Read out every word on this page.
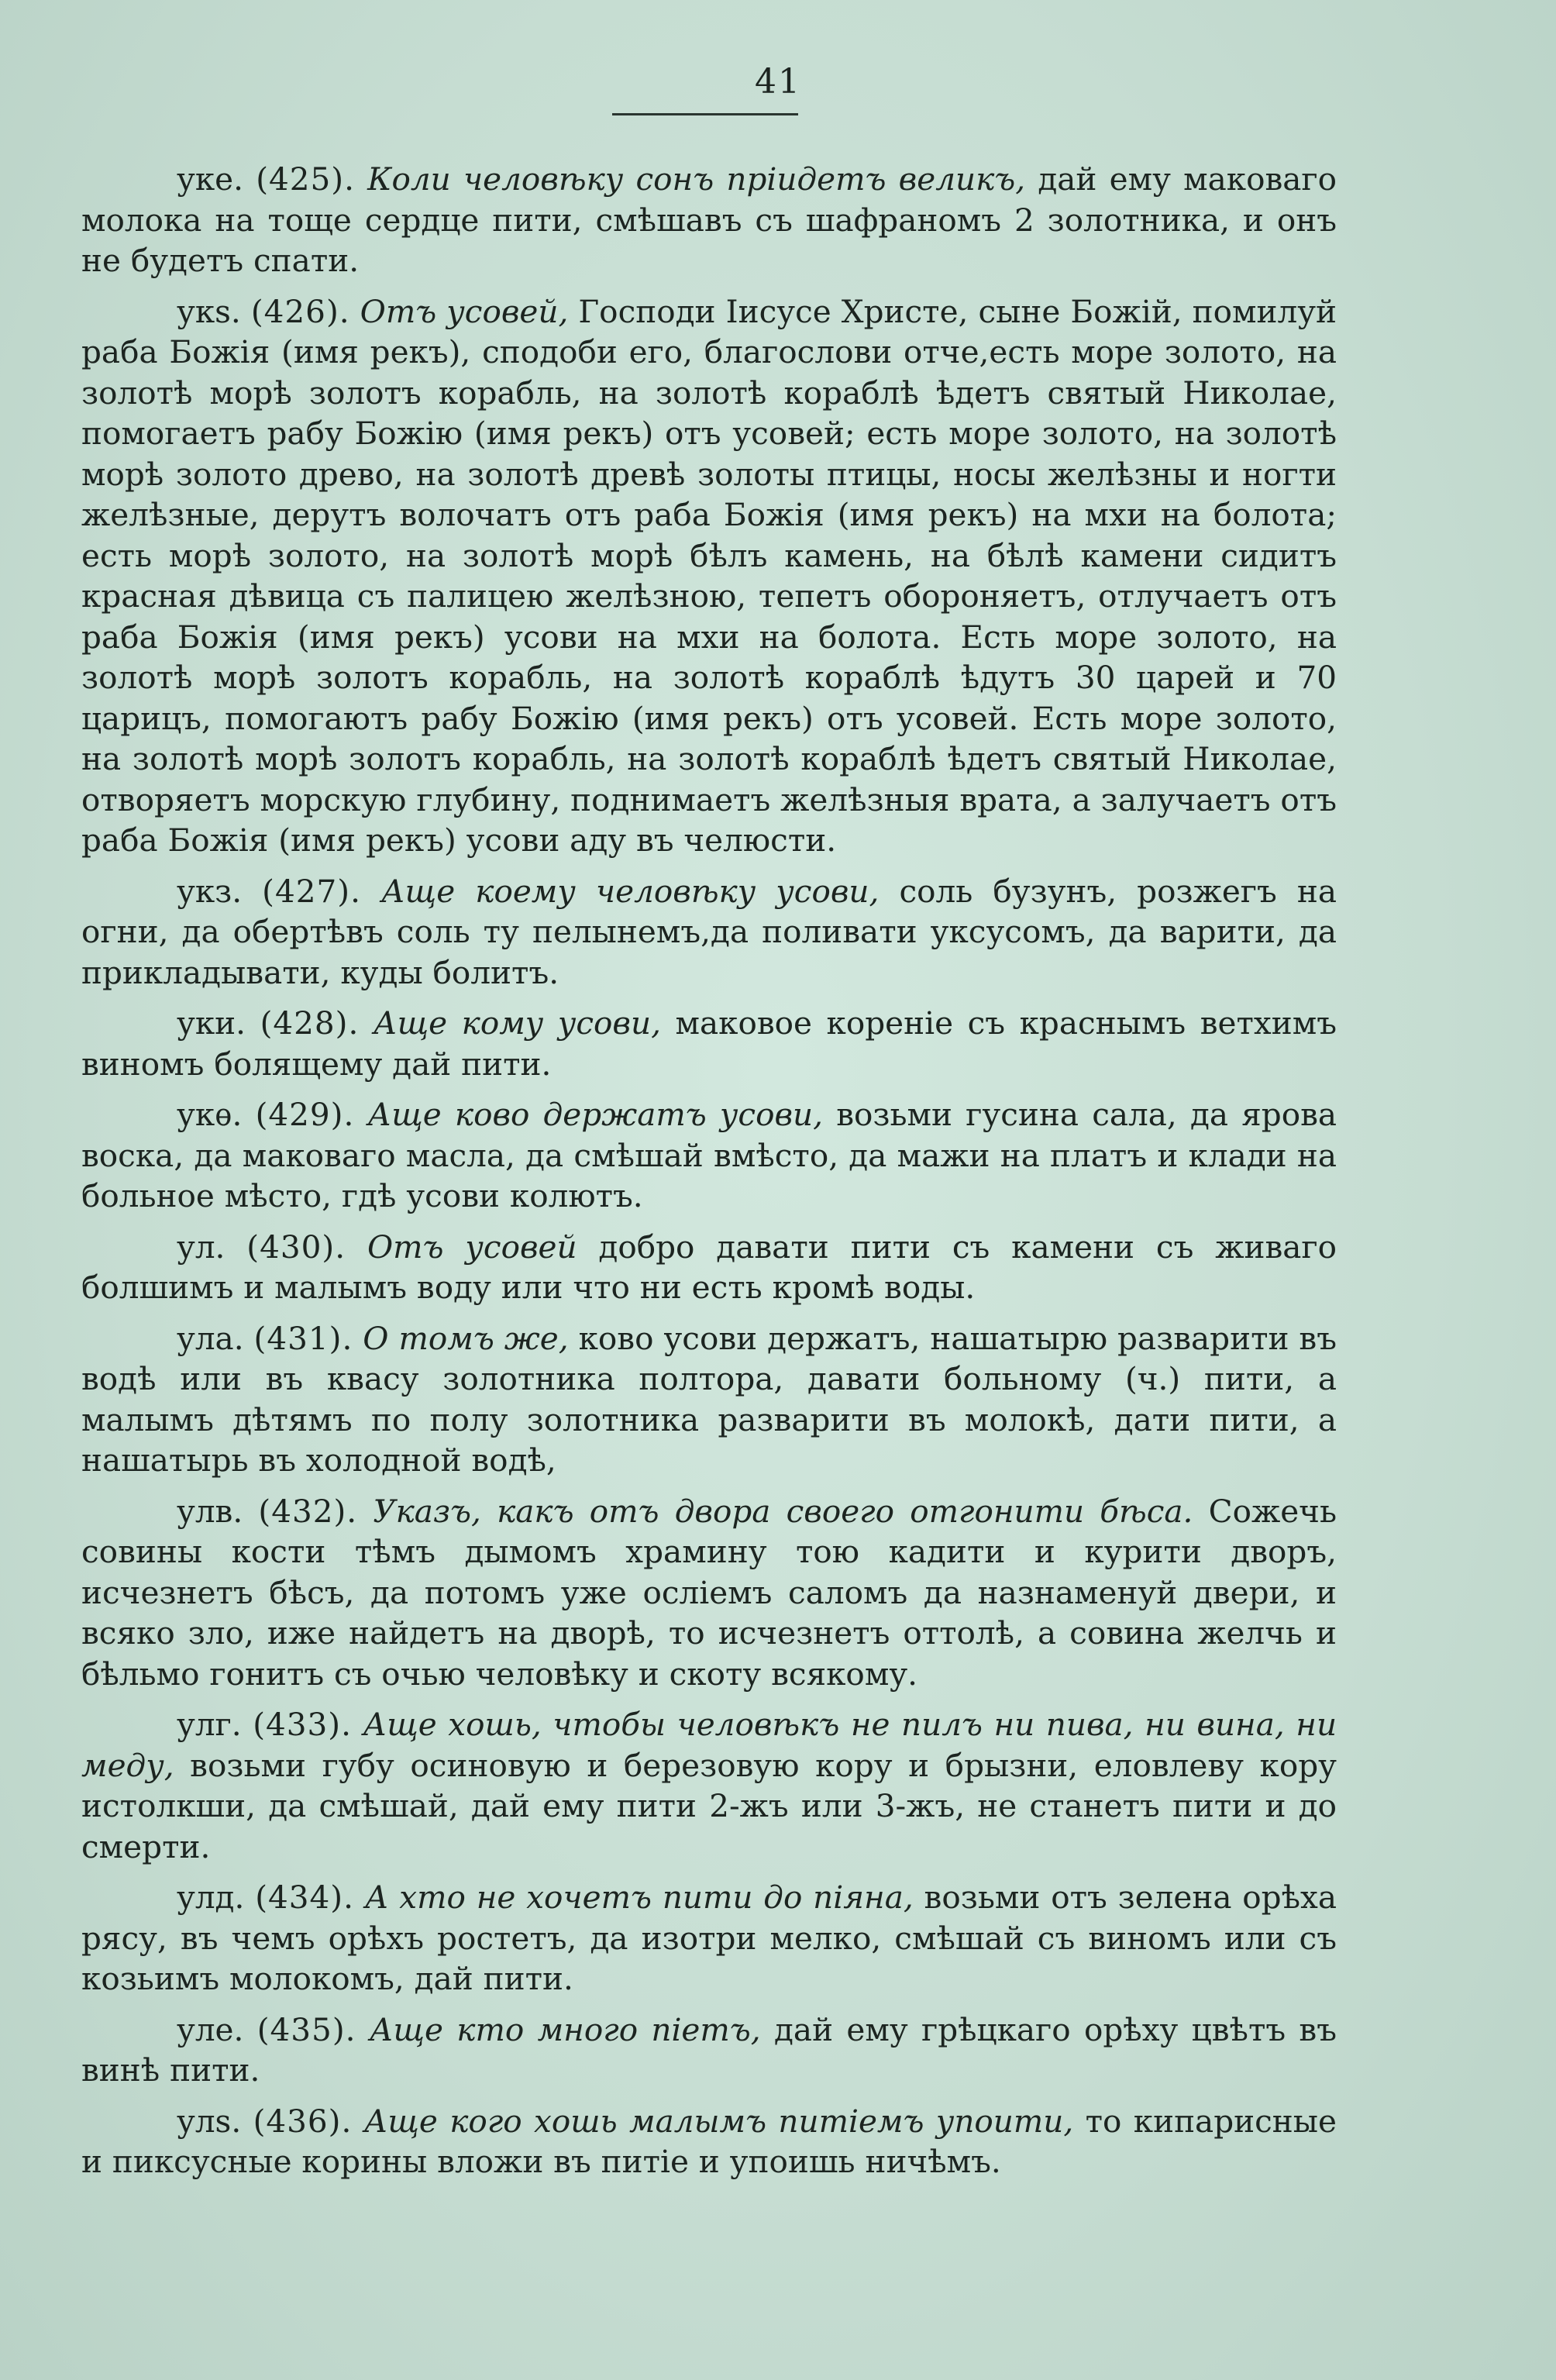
41

уке. (425). Коли человѣку сонъ пріидетъ великъ, дай ему маковаго молока на тоще сердце пити, смѣшавъ съ шафраномъ 2 золотника, и онъ не будетъ спати.

укѕ. (426). Отъ усовей, Господи Іисусе Христе, сыне Божій, помилуй раба Божія (имя рекъ), сподоби его, благослови отче,есть море золото, на золотѣ морѣ золотъ корабль, на золотѣ кораблѣ ѣдетъ святый Николае, помогаетъ рабу Божію (имя рекъ) отъ усовей; есть море золото, на золотѣ морѣ золото древо, на золотѣ древѣ золоты птицы, носы желѣзны и ногти желѣзные, дерутъ волочатъ отъ раба Божія (имя рекъ) на мхи на болота; есть морѣ золото, на золотѣ морѣ бѣлъ камень, на бѣлѣ камени сидитъ красная дѣвица съ палицею желѣзною, тепетъ обороняетъ, отлучаетъ отъ раба Божія (имя рекъ) усови на мхи на болота. Есть море золото, на золотѣ морѣ золотъ корабль, на золотѣ кораблѣ ѣдутъ 30 царей и 70 царицъ, помогаютъ рабу Божію (имя рекъ) отъ усовей. Есть море золото, на золотѣ морѣ золотъ корабль, на золотѣ кораблѣ ѣдетъ святый Николае, отворяетъ морскую глубину, поднимаетъ желѣзныя врата, а залучаетъ отъ раба Божія (имя рекъ) усови аду въ челюсти.

укз. (427). Аще коему человѣку усови, соль бузунъ, розжегъ на огни, да обертѣвъ соль ту пелынемъ,да поливати уксусомъ, да варити, да прикладывати, куды болитъ.

уки. (428). Аще кому усови, маковое кореніе съ краснымъ ветхимъ виномъ болящему дай пити.

укѳ. (429). Аще ково держатъ усови, возьми гусина сала, да ярова воска, да маковаго масла, да смѣшай вмѣсто, да мажи на платъ и клади на больное мѣсто, гдѣ усови колютъ.

ул. (430). Отъ усовей добро давати пити съ камени съ живаго болшимъ и малымъ воду или что ни есть кромѣ воды.

ула. (431). О томъ же, ково усови держатъ, нашатырю разварити въ водѣ или въ квасу золотника полтора, давати больному (ч.) пити, а малымъ дѣтямъ по полу золотника разварити въ молокѣ, дати пити, а нашатырь въ холодной водѣ,

улв. (432). Указъ, какъ отъ двора своего отгонити бѣса. Сожечь совины кости тѣмъ дымомъ храмину тою кадити и курити дворъ, исчезнетъ бѣсъ, да потомъ уже осліемъ саломъ да назнаменуй двери, и всяко зло, иже найдетъ на дворѣ, то исчезнетъ оттолѣ, а совина желчь и бѣльмо гонитъ съ очью человѣку и скоту всякому.

улг. (433). Аще хошь, чтобы человѣкъ не пилъ ни пива, ни вина, ни меду, возьми губу осиновую и березовую кору и брызни, еловлеву кору истолкши, да смѣшай, дай ему пити 2-жъ или 3-жъ, не станетъ пити и до смерти.

улд. (434). А хто не хочетъ пити до піяна, возьми отъ зелена орѣха рясу, въ чемъ орѣхъ ростетъ, да изотри мелко, смѣшай съ виномъ или съ козьимъ молокомъ, дай пити.

уле. (435). Аще кто много піетъ, дай ему грѣцкаго орѣху цвѣтъ въ винѣ пити.

улѕ. (436). Аще кого хошь малымъ питіемъ упоити, то кипарисные и пиксусные корины вложи въ питіе и упоишь ничѣмъ.
